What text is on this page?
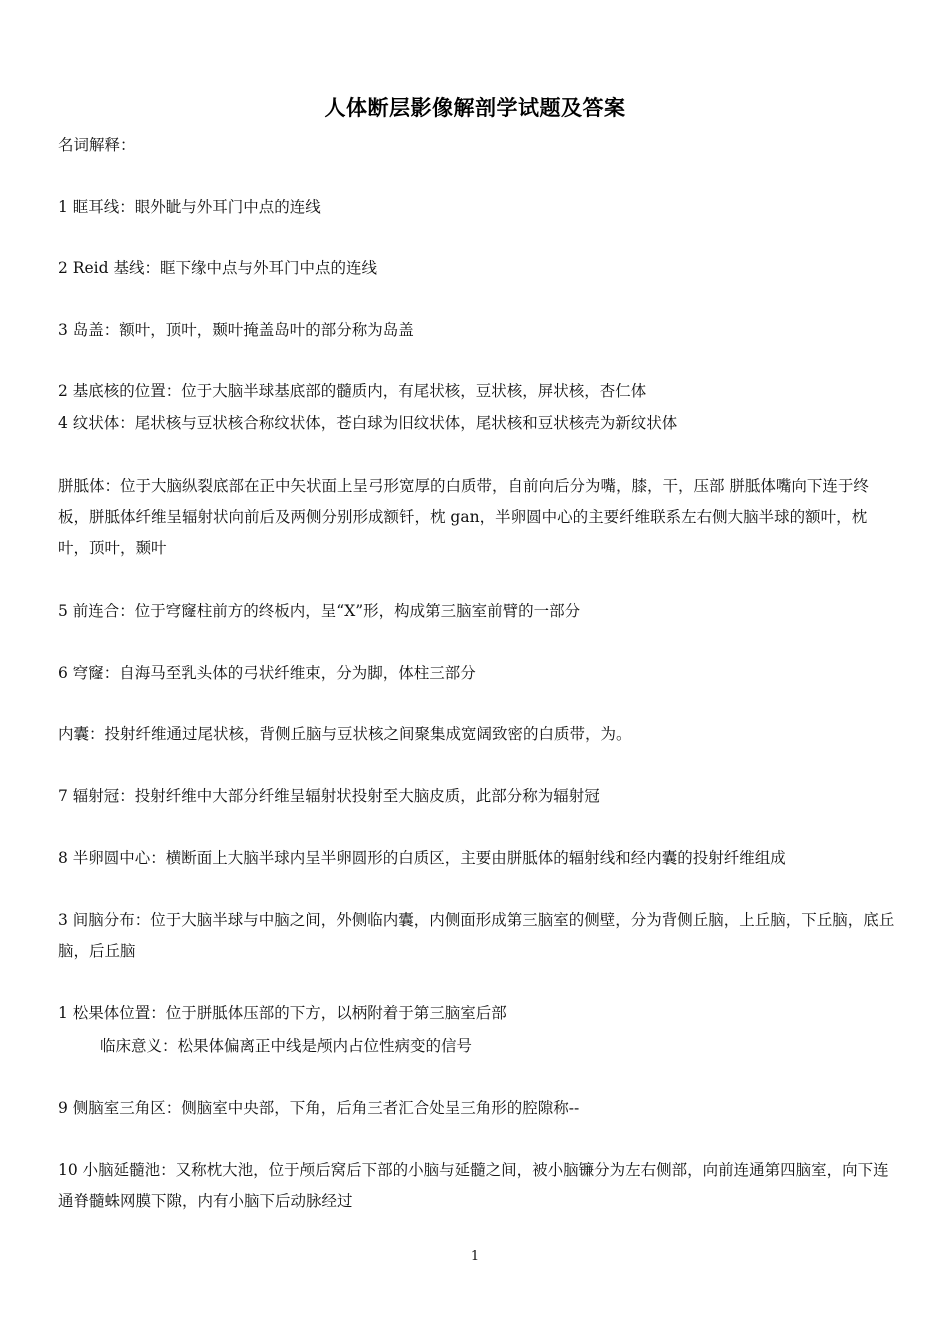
人体断层影像解剖学试题及答案
名词解释：
1 眶耳线：眼外眦与外耳门中点的连线
2 Reid 基线：眶下缘中点与外耳门中点的连线
3 岛盖：额叶，顶叶，颞叶掩盖岛叶的部分称为岛盖
2 基底核的位置：位于大脑半球基底部的髓质内，有尾状核，豆状核，屏状核，杏仁体
4 纹状体：尾状核与豆状核合称纹状体，苍白球为旧纹状体，尾状核和豆状核壳为新纹状体
胼胝体：位于大脑纵裂底部在正中矢状面上呈弓形宽厚的白质带，自前向后分为嘴，膝，干，压部 胼胝体嘴向下连于终板，胼胝体纤维呈辐射状向前后及两侧分别形成额钎，枕 gan，半卵圆中心的主要纤维联系左右侧大脑半球的额叶，枕叶，顶叶，颞叶
5 前连合：位于穹窿柱前方的终板内，呈“X”形，构成第三脑室前臂的一部分
6 穹窿：自海马至乳头体的弓状纤维束，分为脚，体柱三部分
内囊：投射纤维通过尾状核，背侧丘脑与豆状核之间聚集成宽阔致密的白质带，为。
7 辐射冠：投射纤维中大部分纤维呈辐射状投射至大脑皮质，此部分称为辐射冠
8 半卵圆中心：横断面上大脑半球内呈半卵圆形的白质区，主要由胼胝体的辐射线和经内囊的投射纤维组成
3 间脑分布：位于大脑半球与中脑之间，外侧临内囊，内侧面形成第三脑室的侧壁，分为背侧丘脑，上丘脑，下丘脑，底丘脑，后丘脑
1 松果体位置：位于胼胝体压部的下方，以柄附着于第三脑室后部
临床意义：松果体偏离正中线是颅内占位性病变的信号
9 侧脑室三角区：侧脑室中央部，下角，后角三者汇合处呈三角形的腔隙称--
10 小脑延髓池：又称枕大池，位于颅后窝后下部的小脑与延髓之间，被小脑镰分为左右侧部，向前连通第四脑室，向下连通脊髓蛛网膜下隙，内有小脑下后动脉经过
1
